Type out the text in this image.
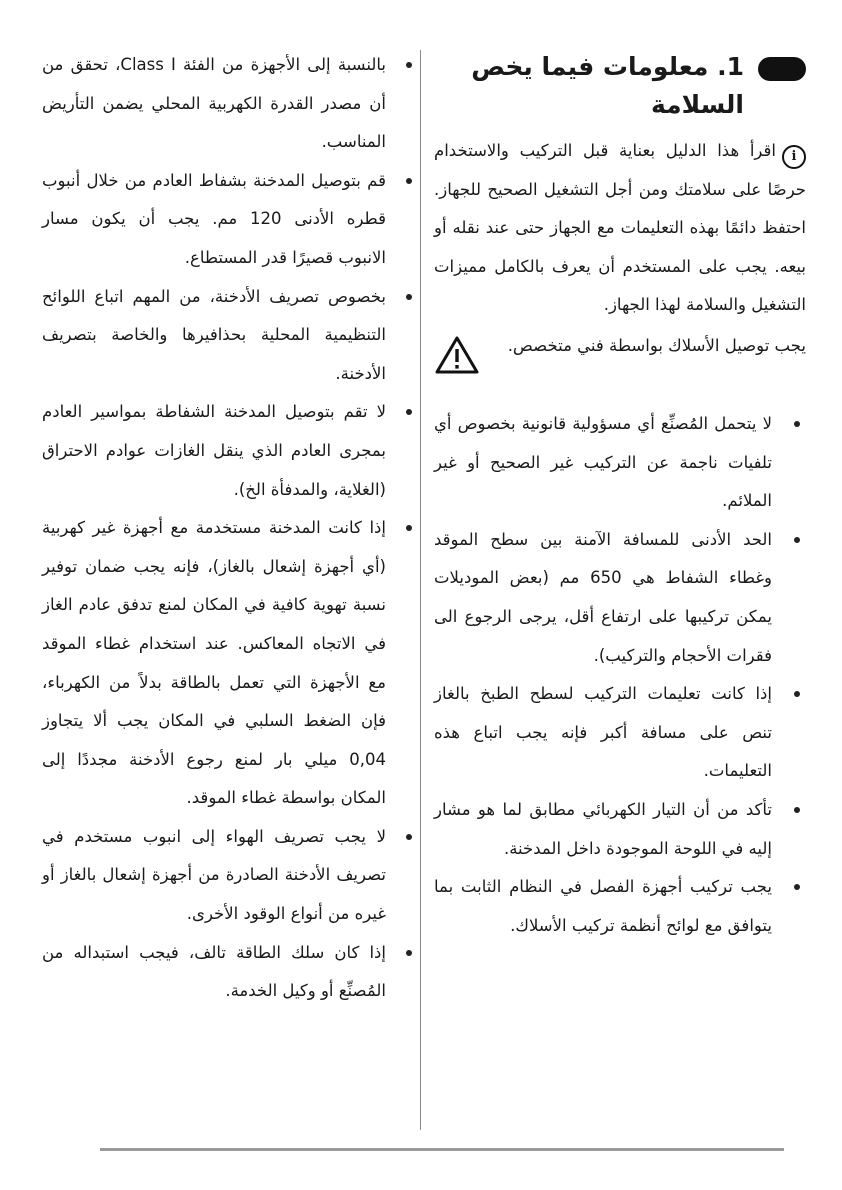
1. معلومات فيما يخص
السلامة
iاقرأ هذا الدليل بعناية قبل التركيب والاستخدام حرصًا على سلامتك ومن أجل التشغيل الصحيح للجهاز. احتفظ دائمًا بهذه التعليمات مع الجهاز حتى عند نقله أو بيعه. يجب على المستخدم أن يعرف بالكامل مميزات التشغيل والسلامة لهذا الجهاز.
يجب توصيل الأسلاك بواسطة فني متخصص.
لا يتحمل المُصنِّع أي مسؤولية قانونية بخصوص أي تلفيات ناجمة عن التركيب غير الصحيح أو غير الملائم.
الحد الأدنى للمسافة الآمنة بين سطح الموقد وغطاء الشفاط هي 650 مم (بعض الموديلات يمكن تركيبها على ارتفاع أقل، يرجى الرجوع الى فقرات الأحجام والتركيب).
إذا كانت تعليمات التركيب لسطح الطبخ بالغاز تنص على مسافة أكبر فإنه يجب اتباع هذه التعليمات.
تأكد من أن التيار الكهربائي مطابق لما هو مشار إليه في اللوحة الموجودة داخل المدخنة.
يجب تركيب أجهزة الفصل في النظام الثابت بما يتوافق مع لوائح أنظمة تركيب الأسلاك.
بالنسبة إلى الأجهزة من الفئة Class I، تحقق من أن مصدر القدرة الكهربية المحلي يضمن التأريض المناسب.
قم بتوصيل المدخنة بشفاط العادم من خلال أنبوب قطره الأدنى 120 مم. يجب أن يكون مسار الانبوب قصيرًا قدر المستطاع.
بخصوص تصريف الأدخنة، من المهم اتباع اللوائح التنظيمية المحلية بحذافيرها والخاصة بتصريف الأدخنة.
لا تقم بتوصيل المدخنة الشفاطة بمواسير العادم بمجرى العادم الذي ينقل الغازات عوادم الاحتراق (الغلاية، والمدفأة الخ).
إذا كانت المدخنة مستخدمة مع أجهزة غير كهربية (أي أجهزة إشعال بالغاز)، فإنه يجب ضمان توفير نسبة تهوية كافية في المكان لمنع تدفق عادم الغاز في الاتجاه المعاكس. عند استخدام غطاء الموقد مع الأجهزة التي تعمل بالطاقة بدلاً من الكهرباء، فإن الضغط السلبي في المكان يجب ألا يتجاوز 0,04 ميلي بار لمنع رجوع الأدخنة مجددًا إلى المكان بواسطة غطاء الموقد.
لا يجب تصريف الهواء إلى انبوب مستخدم في تصريف الأدخنة الصادرة من أجهزة إشعال بالغاز أو غيره من أنواع الوقود الأخرى.
إذا كان سلك الطاقة تالف، فيجب استبداله من المُصنِّع أو وكيل الخدمة.
